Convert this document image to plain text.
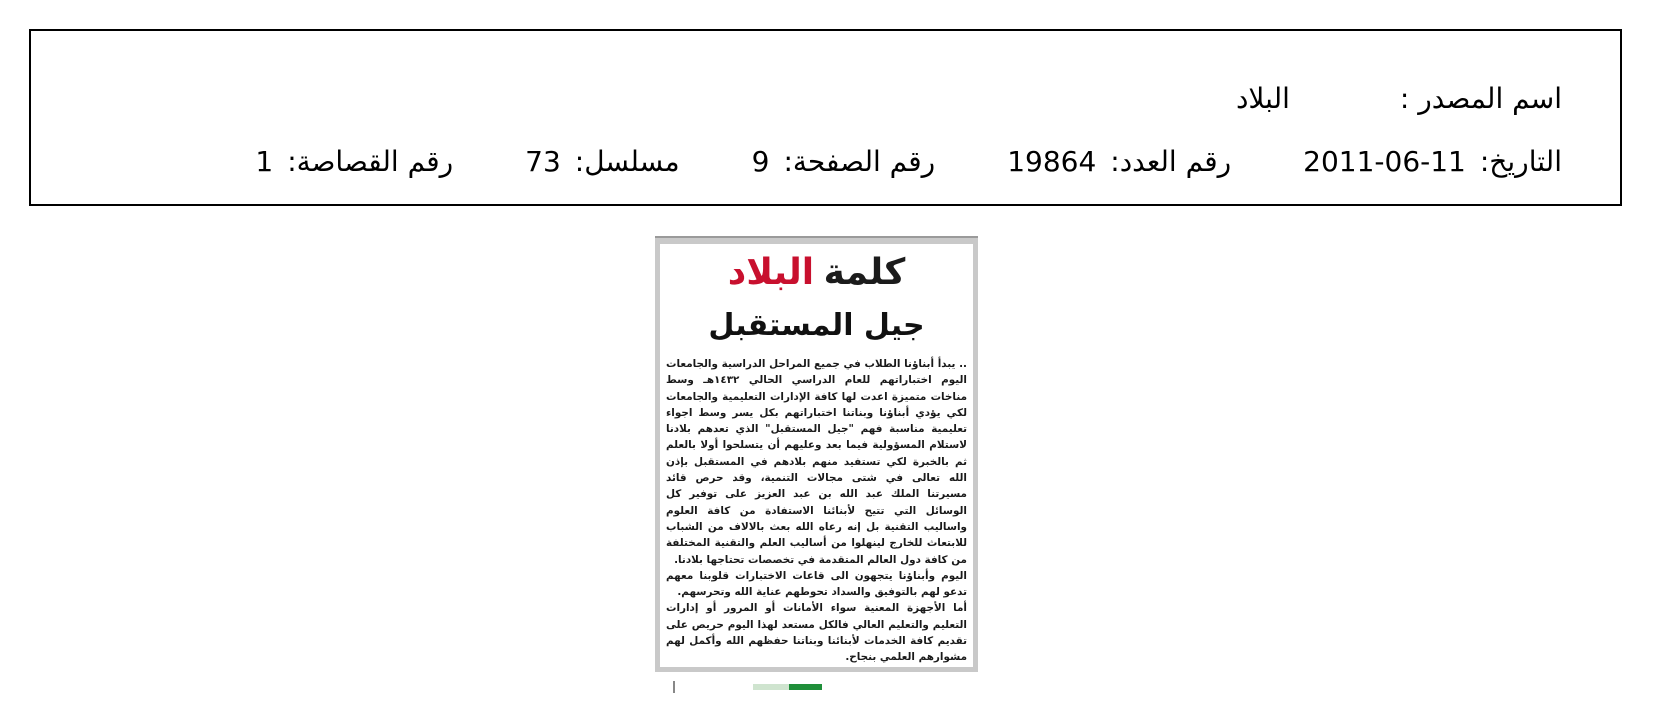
اسم المصدر :
البلاد
التاريخ:
2011-06-11
رقم العدد:
19864
رقم الصفحة:
9
مسلسل:
73
رقم القصاصة:
1
كلمة البلاد
جيل المستقبل

.. يبدأ أبناؤنا الطلاب في جميع المراحل الدراسية والجامعات اليوم اختباراتهم للعام الدراسي الحالي ١٤٣٢هـ وسط مناخات متميزة اعدت لها كافة الإدارات التعليمية والجامعات لكي يؤدي أبناؤنا وبناتنا اختباراتهم بكل يسر وسط اجواء تعليمية مناسبة فهم "جيل المستقبل" الذي تعدهم بلادنا لاستلام المسؤولية فيما بعد وعليهم أن يتسلحوا أولا بالعلم ثم بالخبرة لكي تستفيد منهم بلادهم في المستقبل بإذن الله تعالى في شتى مجالات التنمية، وقد حرص قائد مسيرتنا الملك عبد الله بن عبد العزيز على توفير كل الوسائل التي تتيح لأبنائنا الاستفادة من كافة العلوم واساليب التقنية بل إنه رعاه الله بعث بالالاف من الشباب للابتعاث للخارج لينهلوا من أساليب العلم والتقنية المختلفة من كافة دول العالم المتقدمة في تخصصات تحتاجها بلادنا.

اليوم وأبناؤنا يتجهون الى قاعات الاختبارات قلوبنا معهم تدعو لهم بالتوفيق والسداد تحوطهم عناية الله وتحرسهم.

أما الأجهزة المعنية سواء الأمانات أو المرور أو إدارات التعليم والتعليم العالي فالكل مستعد لهذا اليوم حريص على تقديم كافة الخدمات لأبنائنا وبناتنا حفظهم الله وأكمل لهم مشوارهم العلمي بنجاح.
